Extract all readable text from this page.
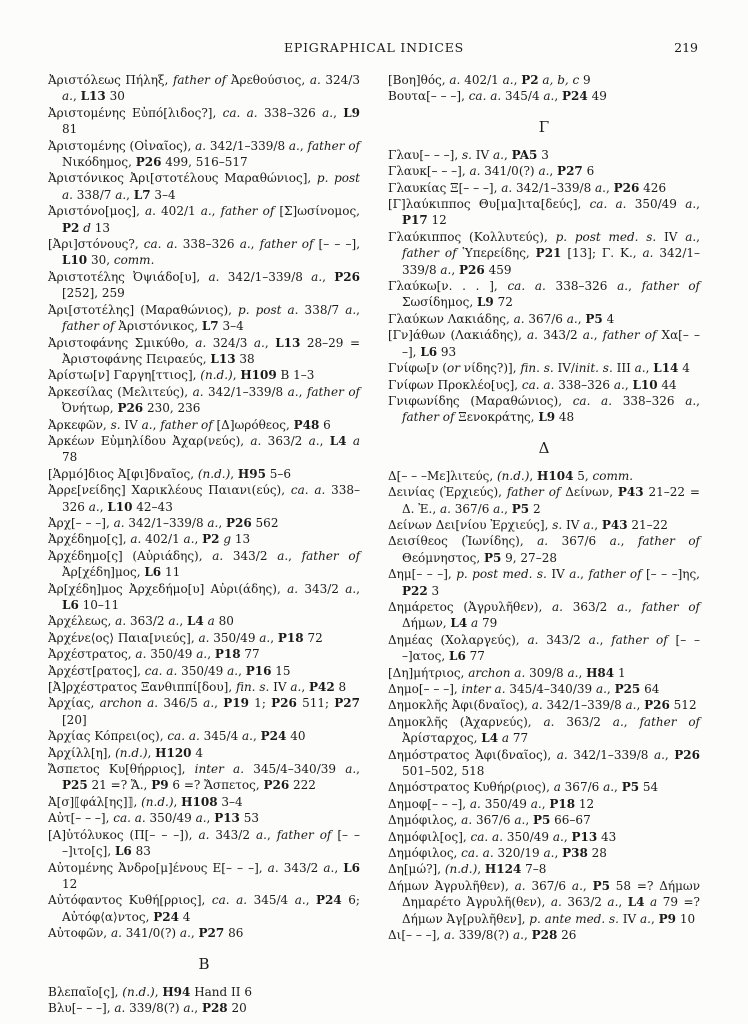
EPIGRAPHICAL INDICES	219
Ἀριστόλεως Πήληξ, father of Ἀρεθούσιος, a. 324/3 a., L13 30
Ἀριστομένης Εὐπό[λιδος?], ca. a. 338–326 a., L9 81
Ἀριστομένης (Οἰναῖος), a. 342/1–339/8 a., father of Νικόδημος, P26 499, 516–517
Ἀριστόνικος Ἀρι[στοτέλους Μαραθώνιος], p. post a. 338/7 a., L7 3–4
Ἀριστόνο[μος], a. 402/1 a., father of [Σ]ωσίνομος, P2 d 13
[Ἀρι]στόνους?, ca. a. 338–326 a., father of [– – –], L10 30, comm.
Ἀριστοτέλης Ὀψιάδο[υ], a. 342/1–339/8 a., P26 [252], 259
Ἀρι[στοτέλης] (Μαραθώνιος), p. post a. 338/7 a., father of Ἀριστόνικος, L7 3–4
Ἀριστοφάνης Σμικύθο, a. 324/3 a., L13 28–29 = Ἀριστοφάνης Πειραεύς, L13 38
Ἀρίστω[ν] Γαργη[ττιος], (n.d.), H109 B 1–3
Ἀρκεσίλας (Μελιτεύς), a. 342/1–339/8 a., father of Ὀνήτωρ, P26 230, 236
Ἀρκεφῶν, s. IV a., father of [Δ]ωρόθεος, P48 6
Ἀρκέων Εὐμηλίδου Ἀχαρ(νεύς), a. 363/2 a., L4 a 78
[Ἁρμό]διος Ἀ[φι]δναῖος, (n.d.), H95 5–6
Ἀρρε[νείδης] Χαρικλέους Παιανι(εύς), ca. a. 338–326 a., L10 42–43
Ἀρχ[– – –], a. 342/1–339/8 a., P26 562
Ἀρχέδημο[ς], a. 402/1 a., P2 g 13
Ἀρχέδημο[ς] (Αὐριάδης), a. 343/2 a., father of Ἀρ[χέδη]μος, L6 11
Ἀρ[χέδη]μος Ἀρχεδήμο[υ] Αὐρι(άδης), a. 343/2 a., L6 10–11
Ἀρχέλεως, a. 363/2 a., L4 a 80
Ἀρχένε⟨ος⟩ Παια[νιεύς], a. 350/49 a., P18 72
Ἀρχέστρατος, a. 350/49 a., P18 77
Ἀρχέστ[ρατος], ca. a. 350/49 a., P16 15
[Ἀ]ρχέστρατος Ξανθιππί[δου], fin. s. IV a., P42 8
Ἀρχίας, archon a. 346/5 a., P19 1; P26 511; P27 [20]
Ἀρχίας Κόπρει(ος), ca. a. 345/4 a., P24 40
Ἀρχίλλ[η], (n.d.), H120 4
Ἄσπετος Κυ[θήρριος], inter a. 345/4–340/39 a., P25 21 =? Ἄ., P9 6 =? Ἄσπετος, P26 222
Ἀ[σ]⟦φάλ[ης]⟧, (n.d.), H108 3–4
Αὐτ[– – –], ca. a. 350/49 a., P13 53
[Α]ὐτόλυκος (Π[– – –]), a. 343/2 a., father of [– – –]ιτο[ς], L6 83
Αὐτομένης Ἀνδρο[μ]ένους Ε[– – –], a. 343/2 a., L6 12
Αὐτόφαντος Κυθή[ρριος], ca. a. 345/4 a., P24 6; Αὐτόφ⟨α⟩ντος, P24 4
Αὐτοφῶν, a. 341/0(?) a., P27 86
Β
Βλεπαῖο[ς], (n.d.), H94 Hand II 6
Βλυ[– – –], a. 339/8(?) a., P28 20
[Βοη]θός, a. 402/1 a., P2 a, b, c 9
Βουτα[– – –], ca. a. 345/4 a., P24 49
Γ
Γλαυ[– – –], s. IV a., PA5 3
Γλαυκ[– – –], a. 341/0(?) a., P27 6
Γλαυκίας Ξ[– – –], a. 342/1–339/8 a., P26 426
[Γ]λαύκιππος Θυ[μα]ιτα[δεύς], ca. a. 350/49 a., P17 12
Γλαύκιππος (Κολλυτεύς), p. post med. s. IV a., father of Ὑπερείδης, P21 [13]; Γ. Κ., a. 342/1–339/8 a., P26 459
Γλαύκω[ν. . . ], ca. a. 338–326 a., father of Σωσίδημος, L9 72
Γλαύκων Λακιάδης, a. 367/6 a., P5 4
[Γν]άθων (Λακιάδης), a. 343/2 a., father of Χα[– – –], L6 93
Γνίφω[ν (or νίδης?)], fin. s. IV/init. s. III a., L14 4
Γνίφων Προκλέο[υς], ca. a. 338–326 a., L10 44
Γνιφωνίδης (Μαραθώνιος), ca. a. 338–326 a., father of Ξενοκράτης, L9 48
Δ
Δ[– – –Με]λιτεύς, (n.d.), H104 5, comm.
Δεινίας (Ἐρχιεύς), father of Δείνων, P43 21–22 = Δ. Ἐ., a. 367/6 a., P5 2
Δείνων Δει[νίου Ἐρχιεύς], s. IV a., P43 21–22
Δεισίθεος (Ἰωνίδης), a. 367/6 a., father of Θεόμνηστος, P5 9, 27–28
Δημ[– – –], p. post med. s. IV a., father of [– – –]ης, P22 3
Δημάρετος (Ἀγρυλῆθεν), a. 363/2 a., father of Δήμων, L4 a 79
Δημέας (Χολαργεύς), a. 343/2 a., father of [– – –]ατος, L6 77
[Δη]μήτριος, archon a. 309/8 a., H84 1
Δημο[– – –], inter a. 345/4–340/39 a., P25 64
Δημοκλῆς Ἀφι(δναῖος), a. 342/1–339/8 a., P26 512
Δημοκλῆς (Ἀχαρνεύς), a. 363/2 a., father of Ἀρίσταρχος, L4 a 77
Δημόστρατος Ἀφι(δναῖος), a. 342/1–339/8 a., P26 501–502, 518
Δημόστρατος Κυθήρ(ριος), a 367/6 a., P5 54
Δημοφ[– – –], a. 350/49 a., P18 12
Δημόφιλος, a. 367/6 a., P5 66–67
Δημόφιλ[ος], ca. a. 350/49 a., P13 43
Δημόφιλος, ca. a. 320/19 a., P38 28
Δη[μώ?], (n.d.), H124 7–8
Δήμων Ἀγρυλῆθεν), a. 367/6 a., P5 58 =? Δήμων Δημαρέτο Ἀγρυλῆ(θεν), a. 363/2 a., L4 a 79 =? Δήμων Ἀγ[ρυλῆθεν], p. ante med. s. IV a., P9 10
Δι[– – –], a. 339/8(?) a., P28 26
